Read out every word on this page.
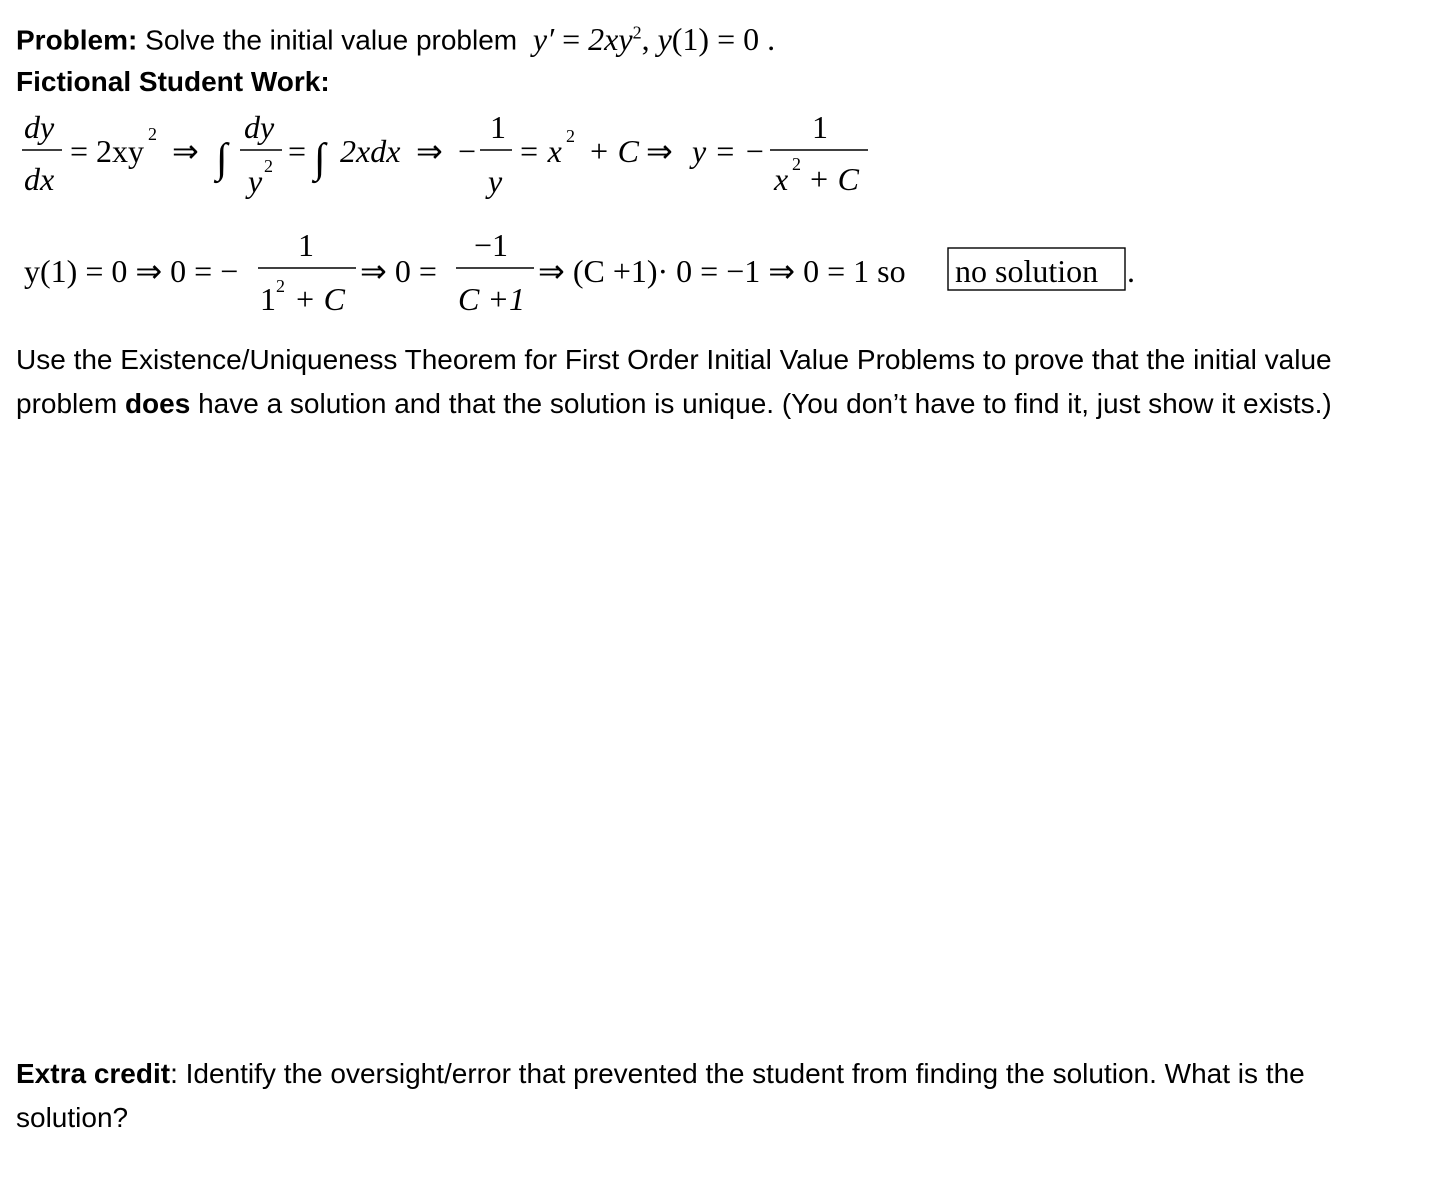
Problem: Solve the initial value problem $y' = 2xy^2$, y(1) = 0 .
Fictional Student Work:
dy
dx
= 2xy 2 ⇒ ∫
dy
y 2 = ∫ 2xdx ⇒ −
1
y
= x 2 + C ⇒ y = −
1
x 2 + C
y(1) = 0 ⇒ 0 = −
1
1 2 + C
⇒ 0 =
−1
C +1
⇒ (C +1)· 0 = −1 ⇒ 0 = 1 so no solution .
Use the Existence/Uniqueness Theorem for First Order Initial Value Problems to prove that the initial value problem does have a solution and that the solution is unique. (You don’t have to find it, just show it exists.)
Extra credit: Identify the oversight/error that prevented the student from finding the solution. What is the solution?
